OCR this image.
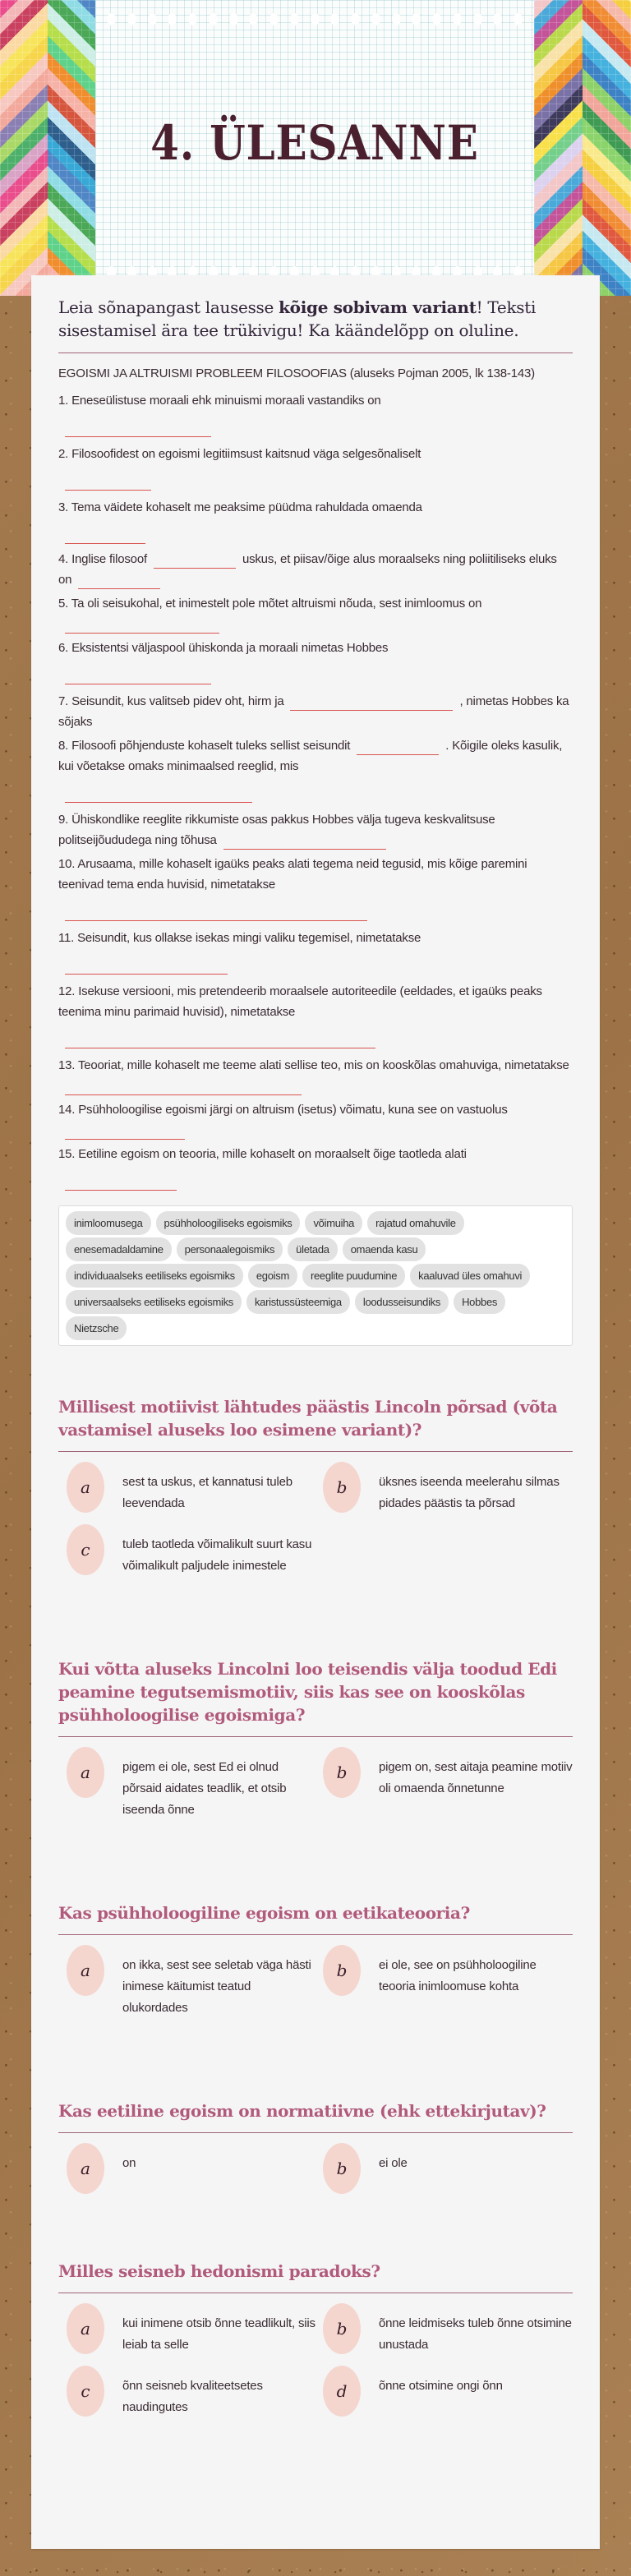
4. ÜLESANNE

Leia sõnapangast lausesse kõige sobivam variant! Teksti sisestamisel ära tee trükivigu! Ka käändelõpp on oluline.

EGOISMI JA ALTRUISMI PROBLEEM FILOSOOFIAS (aluseks Pojman 2005, lk 138-143)

1. Eneseülistuse moraali ehk minuismi moraali vastandiks on
2. Filosoofidest on egoismi legitiimsust kaitsnud väga selgesõnaliselt
3. Tema väidete kohaselt me peaksime püüdma rahuldada omaenda
4. Inglise filosoof	uskus, et piisav/õige alus moraalseks ning poliitiliseks eluks on
5. Ta oli seisukohal, et inimestelt pole mõtet altruismi nõuda, sest inimloomus on
6. Eksistentsi väljaspool ühiskonda ja moraali nimetas Hobbes
7. Seisundit, kus valitseb pidev oht, hirm ja	, nimetas Hobbes ka sõjaks
8. Filosoofi põhjenduste kohaselt tuleks sellist seisundit	. Kõigile oleks kasulik, kui võetakse omaks minimaalsed reeglid, mis
9. Ühiskondlike reeglite rikkumiste osas pakkus Hobbes välja tugeva keskvalitsuse politseijõududega ning tõhusa
10. Arusaama, mille kohaselt igaüks peaks alati tegema neid tegusid, mis kõige paremini teenivad tema enda huvisid, nimetatakse
11. Seisundit, kus ollakse isekas mingi valiku tegemisel, nimetatakse
12. Isekuse versiooni, mis pretendeerib moraalsele autoriteedile (eeldades, et igaüks peaks teenima minu parimaid huvisid), nimetatakse
13. Teooriat, mille kohaselt me teeme alati sellise teo, mis on kooskõlas omahuviga, nimetatakse
14. Psühholoogilise egoismi järgi on altruism (isetus) võimatu, kuna see on vastuolus
15. Eetiline egoism on teooria, mille kohaselt on moraalselt õige taotleda alati
inimloomusega	psühholoogiliseks egoismiks	võimuiha	rajatud omahuvile
enesemadaldamine	personaalegoismiks	ületada	omaenda kasu
individuaalseks eetiliseks egoismiks	egoism	reeglite puudumine	kaaluvad üles omahuvi
universaalseks eetiliseks egoismiks	karistussüsteemiga	loodusseisundiks	Hobbes
Nietzsche
Millisest motiivist lähtudes päästis Lincoln põrsad (võta vastamisel aluseks loo esimene variant)?
a	sest ta uskus, et kannatusi tuleb leevendada
b	üksnes iseenda meelerahu silmas pidades päästis ta põrsad
c	tuleb taotleda võimalikult suurt kasu võimalikult paljudele inimestele
Kui võtta aluseks Lincolni loo teisendis välja toodud Edi peamine tegutsemismotiiv, siis kas see on kooskõlas psühholoogilise egoismiga?
a	pigem ei ole, sest Ed ei olnud põrsaid aidates teadlik, et otsib iseenda õnne
b	pigem on, sest aitaja peamine motiiv oli omaenda õnnetunne
Kas psühholoogiline egoism on eetikateooria?
a	on ikka, sest see seletab väga hästi inimese käitumist teatud olukordades
b	ei ole, see on psühholoogiline teooria inimloomuse kohta
Kas eetiline egoism on normatiivne (ehk ettekirjutav)?
a	on	b	ei ole
Milles seisneb hedonismi paradoks?
a	kui inimene otsib õnne teadlikult, siis leiab ta selle
b	õnne leidmiseks tuleb õnne otsimine unustada
c	õnn seisneb kvaliteetsetes naudingutes
d	õnne otsimine ongi õnn
